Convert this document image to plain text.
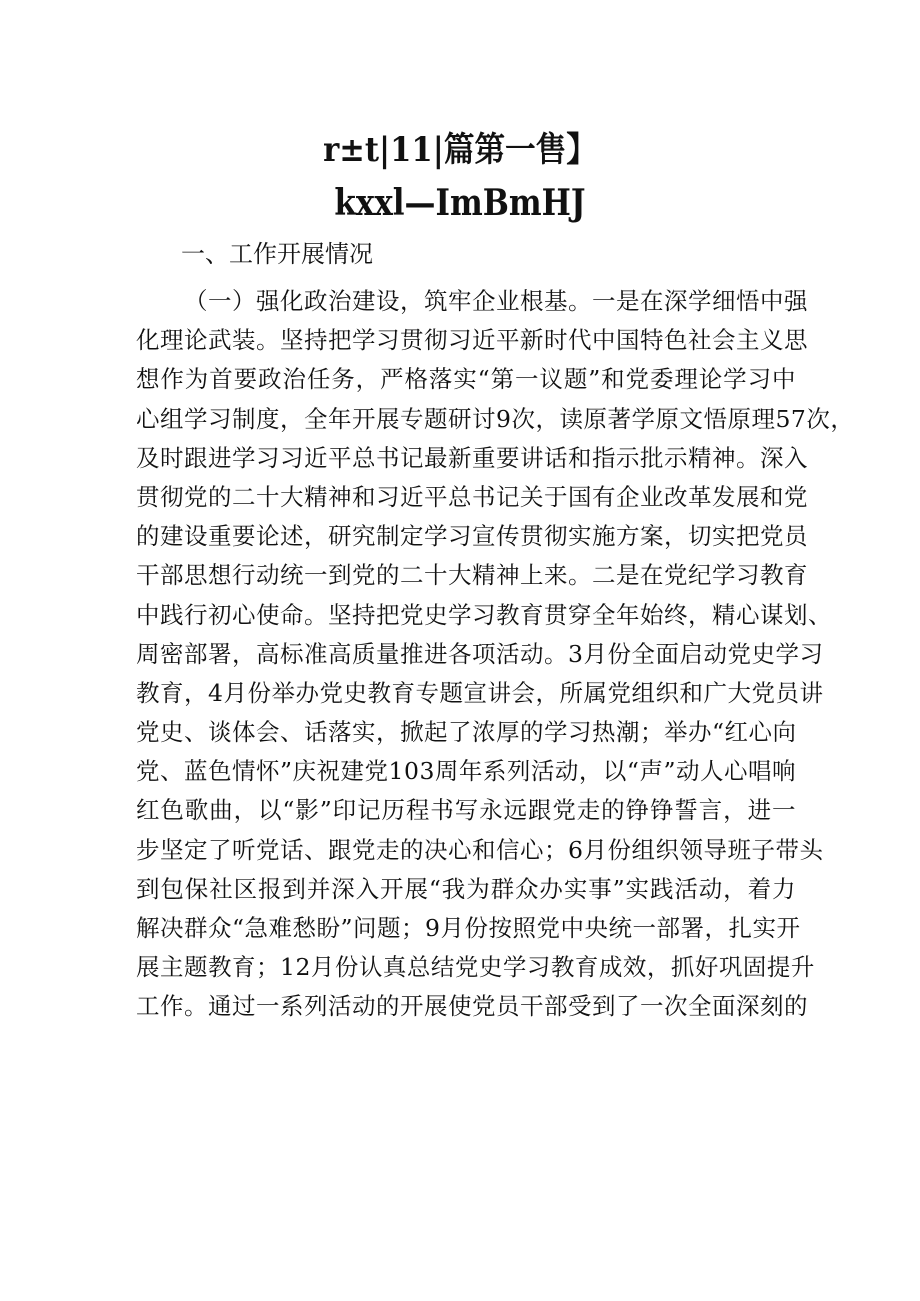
r±t|11|篇第一售】
kxxl—ImBmHJ
一、工作开展情况
（一）强化政治建设，筑牢企业根基。一是在深学细悟中强
化理论武装。坚持把学习贯彻习近平新时代中国特色社会主义思
想作为首要政治任务，严格落实“第一议题”和党委理论学习中
心组学习制度，全年开展专题研讨9次，读原著学原文悟原理57次，
及时跟进学习习近平总书记最新重要讲话和指示批示精神。深入
贯彻党的二十大精神和习近平总书记关于国有企业改革发展和党
的建设重要论述，研究制定学习宣传贯彻实施方案，切实把党员
干部思想行动统一到党的二十大精神上来。二是在党纪学习教育
中践行初心使命。坚持把党史学习教育贯穿全年始终，精心谋划、
周密部署，高标准高质量推进各项活动。3月份全面启动党史学习
教育，4月份举办党史教育专题宣讲会，所属党组织和广大党员讲
党史、谈体会、话落实，掀起了浓厚的学习热潮；举办“红心向
党、蓝色情怀”庆祝建党103周年系列活动，以“声”动人心唱响
红色歌曲，以“影”印记历程书写永远跟党走的铮铮誓言，进一
步坚定了听党话、跟党走的决心和信心；6月份组织领导班子带头
到包保社区报到并深入开展“我为群众办实事”实践活动，着力
解决群众“急难愁盼”问题；9月份按照党中央统一部署，扎实开
展主题教育；12月份认真总结党史学习教育成效，抓好巩固提升
工作。通过一系列活动的开展使党员干部受到了一次全面深刻的
